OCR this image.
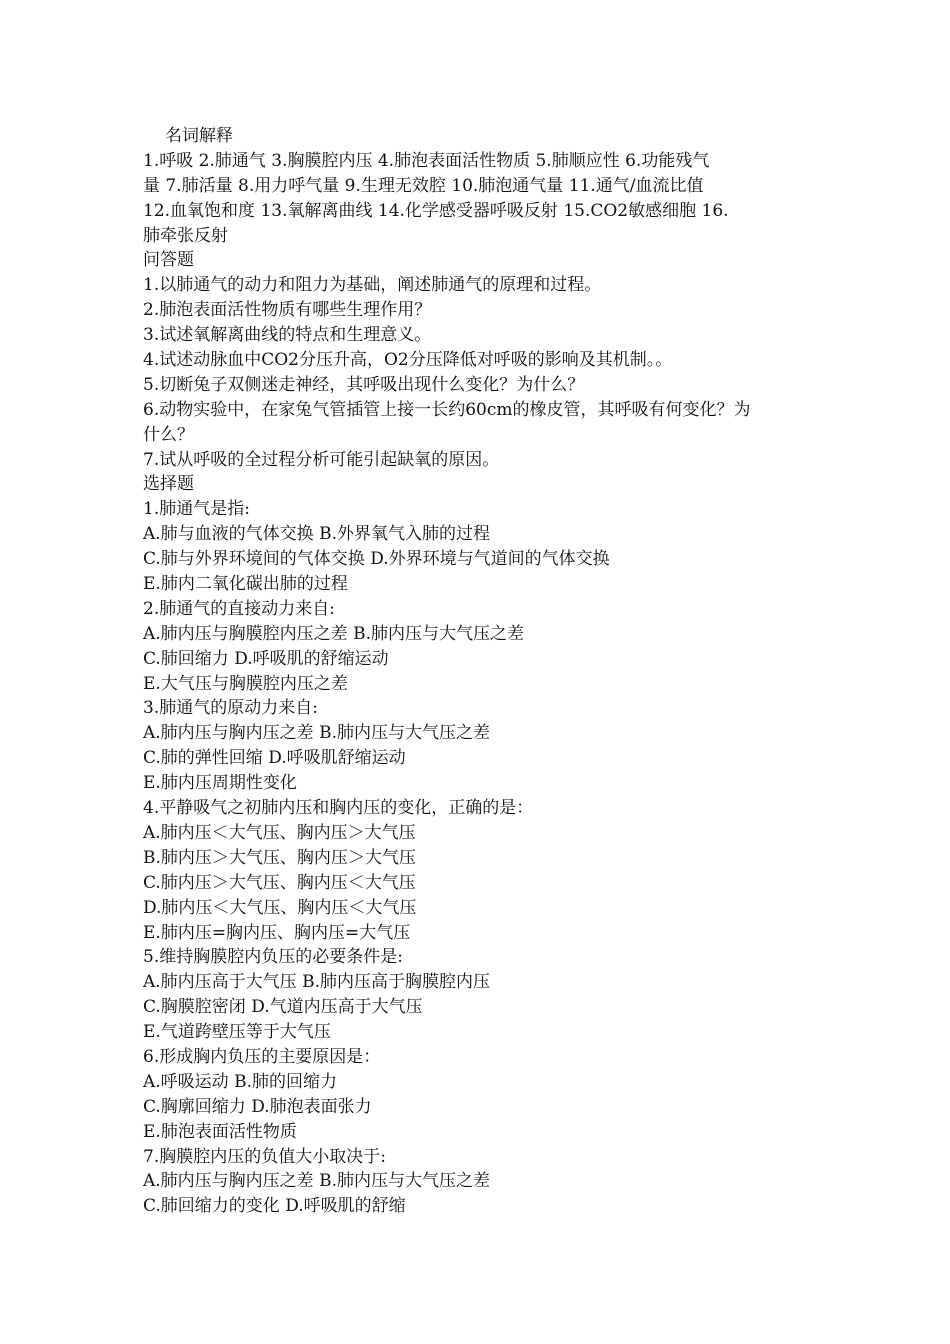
名词解释
1.呼吸 2.肺通气 3.胸膜腔内压 4.肺泡表面活性物质 5.肺顺应性 6.功能残气
量 7.肺活量 8.用力呼气量 9.生理无效腔 10.肺泡通气量 11.通气/血流比值
12.血氧饱和度 13.氧解离曲线 14.化学感受器呼吸反射 15.CO2敏感细胞 16.
肺牵张反射
问答题
1.以肺通气的动力和阻力为基础，阐述肺通气的原理和过程。
2.肺泡表面活性物质有哪些生理作用？
3.试述氧解离曲线的特点和生理意义。
4.试述动脉血中CO2分压升高，O2分压降低对呼吸的影响及其机制。。
5.切断兔子双侧迷走神经，其呼吸出现什么变化？为什么？
6.动物实验中，在家兔气管插管上接一长约60cm的橡皮管，其呼吸有何变化？为
什么？
7.试从呼吸的全过程分析可能引起缺氧的原因。
选择题
1.肺通气是指:
A.肺与血液的气体交换 B.外界氧气入肺的过程
C.肺与外界环境间的气体交换 D.外界环境与气道间的气体交换
E.肺内二氧化碳出肺的过程
2.肺通气的直接动力来自:
A.肺内压与胸膜腔内压之差 B.肺内压与大气压之差
C.肺回缩力 D.呼吸肌的舒缩运动
E.大气压与胸膜腔内压之差
3.肺通气的原动力来自:
A.肺内压与胸内压之差 B.肺内压与大气压之差
C.肺的弹性回缩 D.呼吸肌舒缩运动
E.肺内压周期性变化
4.平静吸气之初肺内压和胸内压的变化，正确的是：
A.肺内压＜大气压、胸内压＞大气压
B.肺内压＞大气压、胸内压＞大气压
C.肺内压＞大气压、胸内压＜大气压
D.肺内压＜大气压、胸内压＜大气压
E.肺内压=胸内压、胸内压=大气压
5.维持胸膜腔内负压的必要条件是:
A.肺内压高于大气压 B.肺内压高于胸膜腔内压
C.胸膜腔密闭 D.气道内压高于大气压
E.气道跨壁压等于大气压
6.形成胸内负压的主要原因是：
A.呼吸运动 B.肺的回缩力
C.胸廓回缩力 D.肺泡表面张力
E.肺泡表面活性物质
7.胸膜腔内压的负值大小取决于:
A.肺内压与胸内压之差 B.肺内压与大气压之差
C.肺回缩力的变化 D.呼吸肌的舒缩
